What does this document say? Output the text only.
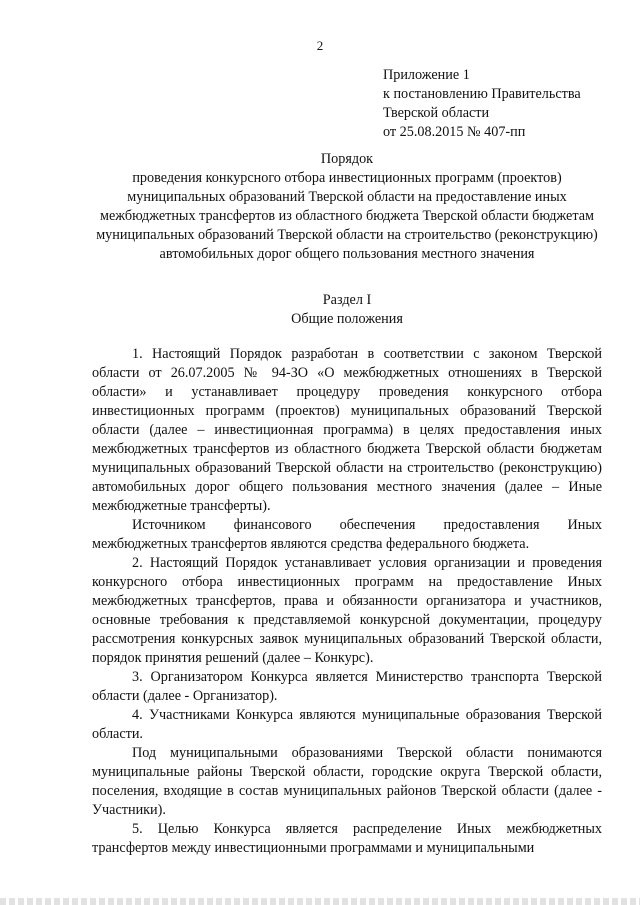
2
Приложение 1
к постановлению Правительства
Тверской области
от 25.08.2015 № 407-пп
Порядок
проведения конкурсного отбора инвестиционных программ (проектов) муниципальных образований Тверской области на предоставление иных межбюджетных трансфертов из областного бюджета Тверской области бюджетам муниципальных образований Тверской области на строительство (реконструкцию) автомобильных дорог общего пользования местного значения
Раздел I
Общие положения

1. Настоящий Порядок разработан в соответствии с законом Тверской области от 26.07.2005 № 94-ЗО «О межбюджетных отношениях в Тверской области» и устанавливает процедуру проведения конкурсного отбора инвестиционных программ (проектов) муниципальных образований Тверской области (далее – инвестиционная программа) в целях предоставления иных межбюджетных трансфертов из областного бюджета Тверской области бюджетам муниципальных образований Тверской области на строительство (реконструкцию) автомобильных дорог общего пользования местного значения (далее – Иные межбюджетные трансферты).

Источником финансового обеспечения предоставления Иных межбюджетных трансфертов являются средства федерального бюджета.

2. Настоящий Порядок устанавливает условия организации и проведения конкурсного отбора инвестиционных программ на предоставление Иных межбюджетных трансфертов, права и обязанности организатора и участников, основные требования к представляемой конкурсной документации, процедуру рассмотрения конкурсных заявок муниципальных образований Тверской области, порядок принятия решений (далее – Конкурс).

3. Организатором Конкурса является Министерство транспорта Тверской области (далее - Организатор).

4. Участниками Конкурса являются муниципальные образования Тверской области.

Под муниципальными образованиями Тверской области понимаются муниципальные районы Тверской области, городские округа Тверской области, поселения, входящие в состав муниципальных районов Тверской области (далее - Участники).

5. Целью Конкурса является распределение Иных межбюджетных трансфертов между инвестиционными программами и муниципальными
